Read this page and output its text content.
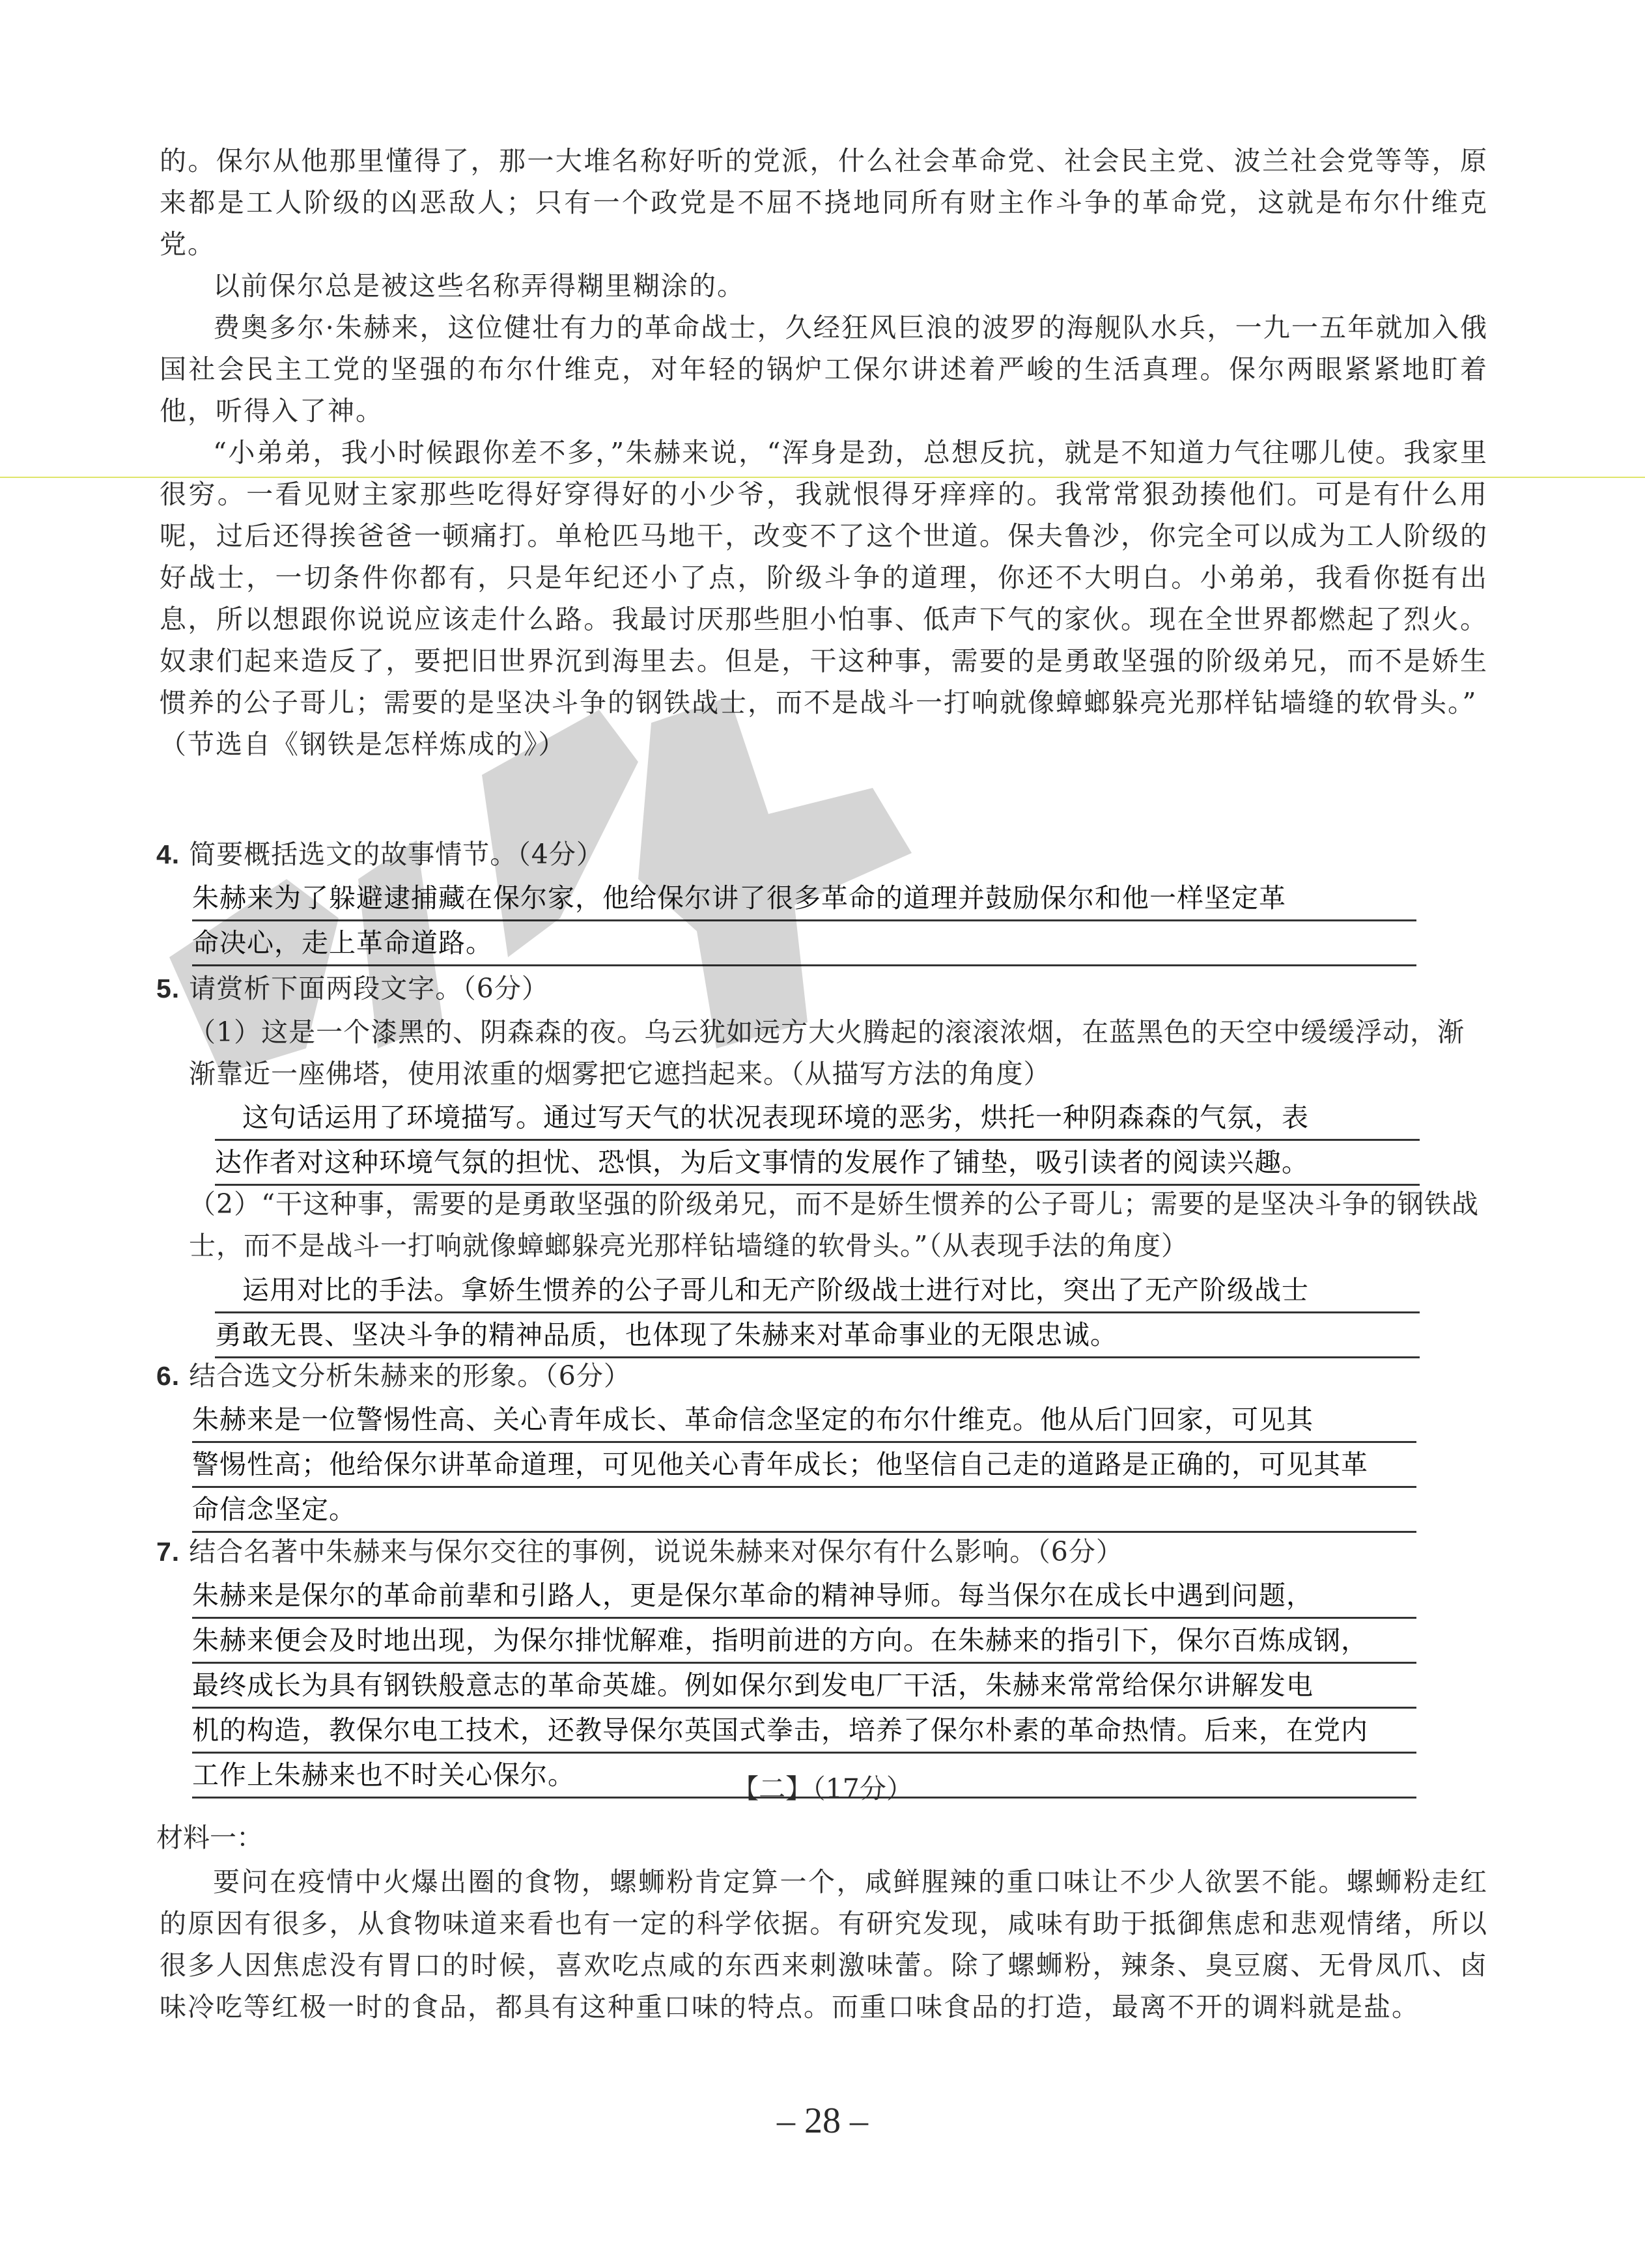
的。保尔从他那里懂得了，那一大堆名称好听的党派，什么社会革命党、社会民主党、波兰社会党等等，原来都是工人阶级的凶恶敌人；只有一个政党是不屈不挠地同所有财主作斗争的革命党，这就是布尔什维克党。

以前保尔总是被这些名称弄得糊里糊涂的。

费奥多尔·朱赫来，这位健壮有力的革命战士，久经狂风巨浪的波罗的海舰队水兵，一九一五年就加入俄国社会民主工党的坚强的布尔什维克，对年轻的锅炉工保尔讲述着严峻的生活真理。保尔两眼紧紧地盯着他，听得入了神。

“小弟弟，我小时候跟你差不多，”朱赫来说，“浑身是劲，总想反抗，就是不知道力气往哪儿使。我家里很穷。一看见财主家那些吃得好穿得好的小少爷，我就恨得牙痒痒的。我常常狠劲揍他们。可是有什么用呢，过后还得挨爸爸一顿痛打。单枪匹马地干，改变不了这个世道。保夫鲁沙，你完全可以成为工人阶级的好战士，一切条件你都有，只是年纪还小了点，阶级斗争的道理，你还不大明白。小弟弟，我看你挺有出息，所以想跟你说说应该走什么路。我最讨厌那些胆小怕事、低声下气的家伙。现在全世界都燃起了烈火。奴隶们起来造反了，要把旧世界沉到海里去。但是，干这种事，需要的是勇敢坚强的阶级弟兄，而不是娇生惯养的公子哥儿；需要的是坚决斗争的钢铁战士，而不是战斗一打响就像蟑螂躲亮光那样钻墙缝的软骨头。”

（节选自《钢铁是怎样炼成的》）

4. 简要概括选文的故事情节。（4分）

朱赫来为了躲避逮捕藏在保尔家，他给保尔讲了很多革命的道理并鼓励保尔和他一样坚定革
命决心，走上革命道路。

5. 请赏析下面两段文字。（6分）

（1）这是一个漆黑的、阴森森的夜。乌云犹如远方大火腾起的滚滚浓烟，在蓝黑色的天空中缓缓浮动，渐渐靠近一座佛塔，使用浓重的烟雾把它遮挡起来。（从描写方法的角度）

　这句话运用了环境描写。通过写天气的状况表现环境的恶劣，烘托一种阴森森的气氛，表
达作者对这种环境气氛的担忧、恐惧，为后文事情的发展作了铺垫，吸引读者的阅读兴趣。

（2）“干这种事，需要的是勇敢坚强的阶级弟兄，而不是娇生惯养的公子哥儿；需要的是坚决斗争的钢铁战士，而不是战斗一打响就像蟑螂躲亮光那样钻墙缝的软骨头。”（从表现手法的角度）

　运用对比的手法。拿娇生惯养的公子哥儿和无产阶级战士进行对比，突出了无产阶级战士
勇敢无畏、坚决斗争的精神品质，也体现了朱赫来对革命事业的无限忠诚。

6. 结合选文分析朱赫来的形象。（6分）

朱赫来是一位警惕性高、关心青年成长、革命信念坚定的布尔什维克。他从后门回家，可见其
警惕性高；他给保尔讲革命道理，可见他关心青年成长；他坚信自己走的道路是正确的，可见其革
命信念坚定。

7. 结合名著中朱赫来与保尔交往的事例，说说朱赫来对保尔有什么影响。（6分）

朱赫来是保尔的革命前辈和引路人，更是保尔革命的精神导师。每当保尔在成长中遇到问题，
朱赫来便会及时地出现，为保尔排忧解难，指明前进的方向。在朱赫来的指引下，保尔百炼成钢，
最终成长为具有钢铁般意志的革命英雄。例如保尔到发电厂干活，朱赫来常常给保尔讲解发电
机的构造，教保尔电工技术，还教导保尔英国式拳击，培养了保尔朴素的革命热情。后来，在党内
工作上朱赫来也不时关心保尔。	【二】（17分）

材料一：

要问在疫情中火爆出圈的食物，螺蛳粉肯定算一个，咸鲜腥辣的重口味让不少人欲罢不能。螺蛳粉走红的原因有很多，从食物味道来看也有一定的科学依据。有研究发现，咸味有助于抵御焦虑和悲观情绪，所以很多人因焦虑没有胃口的时候，喜欢吃点咸的东西来刺激味蕾。除了螺蛳粉，辣条、臭豆腐、无骨凤爪、卤味冷吃等红极一时的食品，都具有这种重口味的特点。而重口味食品的打造，最离不开的调料就是盐。

– 28 –
